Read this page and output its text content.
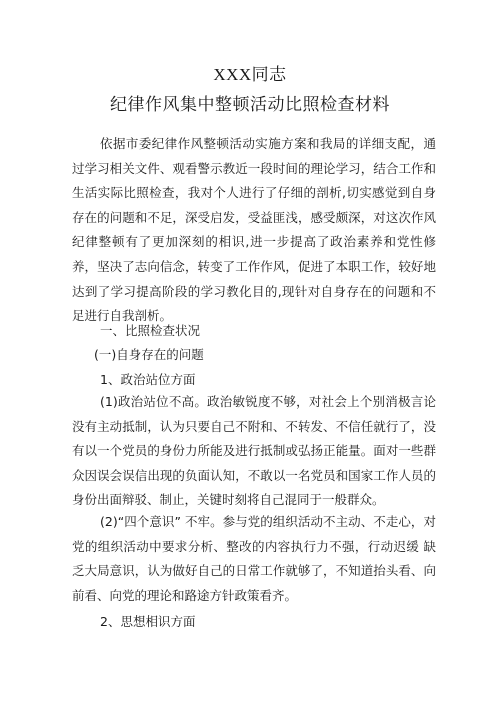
XXX同志
纪律作风集中整顿活动比照检查材料
依据市委纪律作风整顿活动实施方案和我局的详细支配，通过学习相关文件、观看警示教近一段时间的理论学习，结合工作和生活实际比照检查，我对个人进行了仔细的剖析,切实感觉到自身存在的问题和不足，深受启发，受益匪浅，感受颇深，对这次作风纪律整顿有了更加深刻的相识,进一步提高了政治素养和党性修养，坚决了志向信念，转变了工作作风，促进了本职工作，较好地达到了学习提高阶段的学习教化目的,现针对自身存在的问题和不足进行自我剖析。
一、比照检查状况
(一)自身存在的问题
1、政治站位方面
(1)政治站位不高。政治敏锐度不够，对社会上个别消极言论没有主动抵制，认为只要自己不附和、不转发、不信任就行了，没有以一个党员的身份力所能及进行抵制或弘扬正能量。面对一些群众因误会误信出现的负面认知，不敢以一名党员和国家工作人员的身份出面辩驳、制止，关键时刻将自己混同于一般群众。
(2)“四个意识” 不牢。参与党的组织活动不主动、不走心，对党的组织活动中要求分析、整改的内容执行力不强，行动迟缓 缺乏大局意识，认为做好自己的日常工作就够了，不知道抬头看、向前看、向党的理论和路途方针政策看齐。
2、思想相识方面
